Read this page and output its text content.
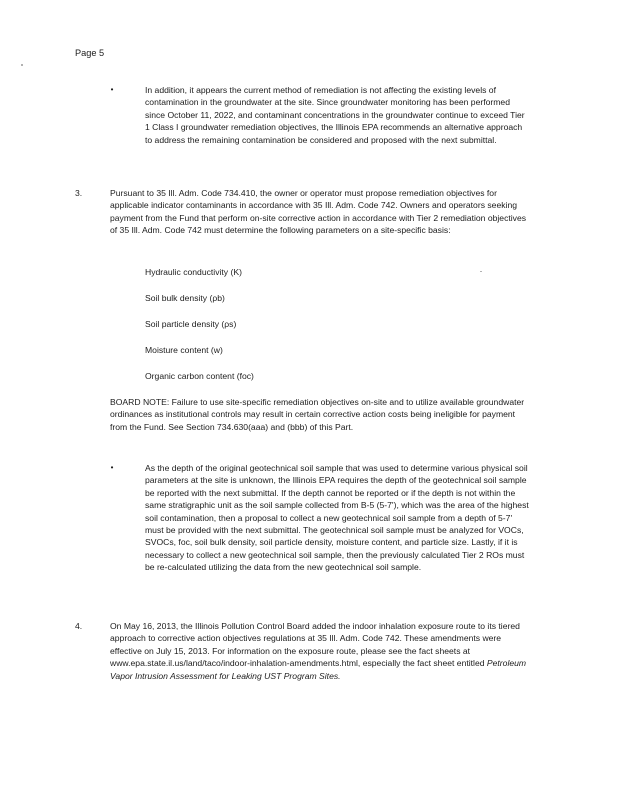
Page 5
•	In addition, it appears the current method of remediation is not affecting the existing levels of contamination in the groundwater at the site. Since groundwater monitoring has been performed since October 11, 2022, and contaminant concentrations in the groundwater continue to exceed Tier 1 Class I groundwater remediation objectives, the Illinois EPA recommends an alternative approach to address the remaining contamination be considered and proposed with the next submittal.
3.	Pursuant to 35 Ill. Adm. Code 734.410, the owner or operator must propose remediation objectives for applicable indicator contaminants in accordance with 35 Ill. Adm. Code 742. Owners and operators seeking payment from the Fund that perform on-site corrective action in accordance with Tier 2 remediation objectives of 35 Ill. Adm. Code 742 must determine the following parameters on a site-specific basis:
Hydraulic conductivity (K)
Soil bulk density (ρb)
Soil particle density (ρs)
Moisture content (w)
Organic carbon content (foc)
BOARD NOTE: Failure to use site-specific remediation objectives on-site and to utilize available groundwater ordinances as institutional controls may result in certain corrective action costs being ineligible for payment from the Fund. See Section 734.630(aaa) and (bbb) of this Part.
•	As the depth of the original geotechnical soil sample that was used to determine various physical soil parameters at the site is unknown, the Illinois EPA requires the depth of the geotechnical soil sample be reported with the next submittal. If the depth cannot be reported or if the depth is not within the same stratigraphic unit as the soil sample collected from B-5 (5-7'), which was the area of the highest soil contamination, then a proposal to collect a new geotechnical soil sample from a depth of 5-7' must be provided with the next submittal. The geotechnical soil sample must be analyzed for VOCs, SVOCs, foc, soil bulk density, soil particle density, moisture content, and particle size. Lastly, if it is necessary to collect a new geotechnical soil sample, then the previously calculated Tier 2 ROs must be re-calculated utilizing the data from the new geotechnical soil sample.
4.	On May 16, 2013, the Illinois Pollution Control Board added the indoor inhalation exposure route to its tiered approach to corrective action objectives regulations at 35 Ill. Adm. Code 742. These amendments were effective on July 15, 2013. For information on the exposure route, please see the fact sheets at www.epa.state.il.us/land/taco/indoor-inhalation-amendments.html, especially the fact sheet entitled Petroleum Vapor Intrusion Assessment for Leaking UST Program Sites.
